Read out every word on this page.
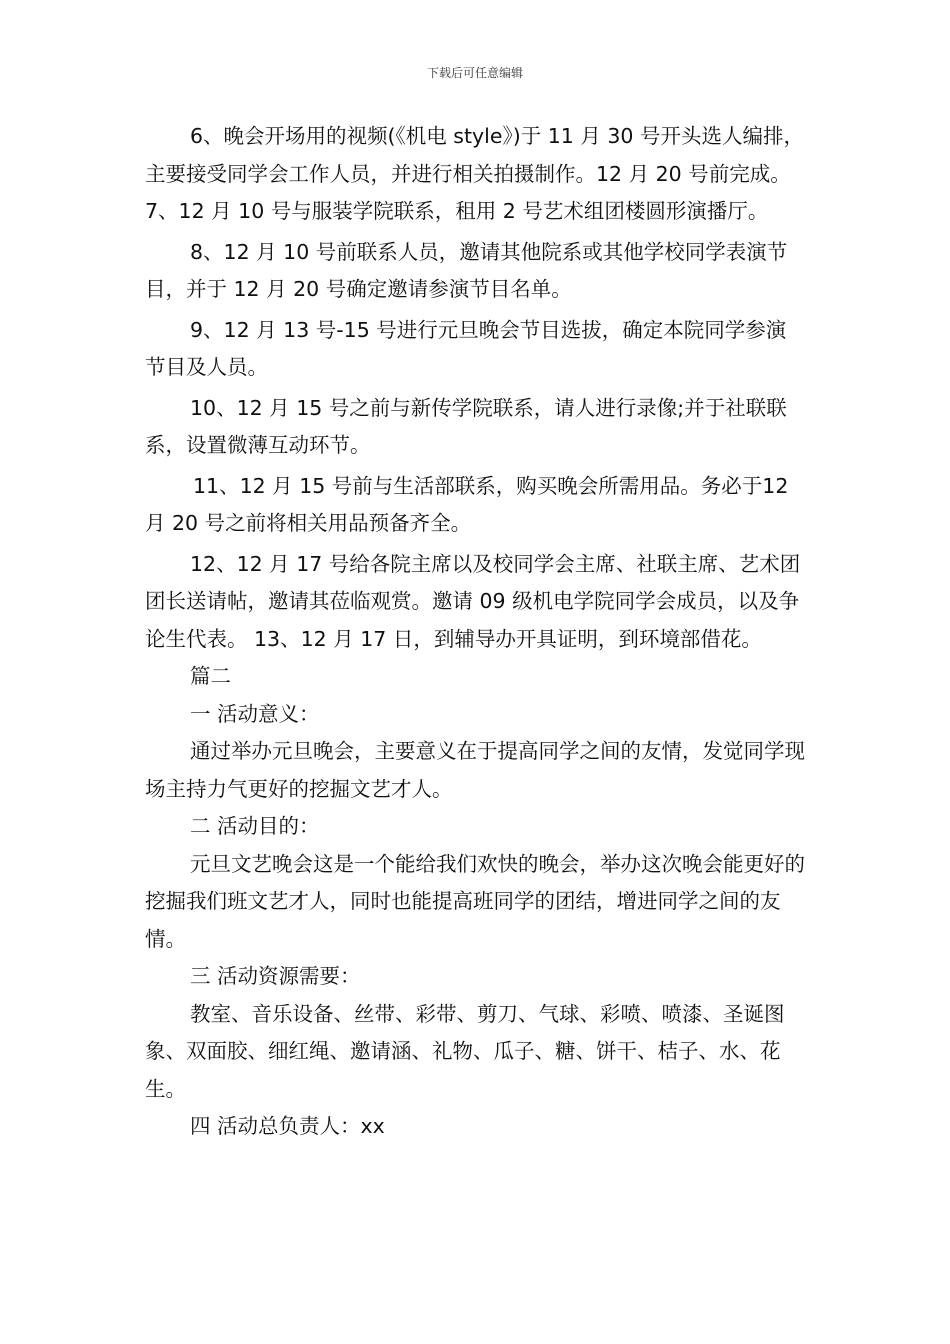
下载后可任意编辑

6、晚会开场用的视频(《机电 style》)于 11 月 30 号开头选人编排，主要接受同学会工作人员，并进行相关拍摄制作。12 月 20 号前完成。 7、12 月 10 号与服装学院联系，租用 2 号艺术组团楼圆形演播厅。

8、12 月 10 号前联系人员，邀请其他院系或其他学校同学表演节目，并于 12 月 20 号确定邀请参演节目名单。

9、12 月 13 号-15 号进行元旦晚会节目选拔，确定本院同学参演节目及人员。

10、12 月 15 号之前与新传学院联系，请人进行录像;并于社联联系，设置微薄互动环节。

11、12 月 15 号前与生活部联系，购买晚会所需用品。务必于12 月 20 号之前将相关用品预备齐全。

12、12 月 17 号给各院主席以及校同学会主席、社联主席、艺术团团长送请帖，邀请其莅临观赏。邀请 09 级机电学院同学会成员，以及争论生代表。 13、12 月 17 日，到辅导办开具证明，到环境部借花。

篇二

一 活动意义：

通过举办元旦晚会，主要意义在于提高同学之间的友情，发觉同学现场主持力气更好的挖掘文艺才人。

二 活动目的：

元旦文艺晚会这是一个能给我们欢快的晚会，举办这次晚会能更好的挖掘我们班文艺才人，同时也能提高班同学的团结，增进同学之间的友情。

三 活动资源需要：

教室、音乐设备、丝带、彩带、剪刀、气球、彩喷、喷漆、圣诞图象、双面胶、细红绳、邀请涵、礼物、瓜子、糖、饼干、桔子、水、花生。

四 活动总负责人：xx
